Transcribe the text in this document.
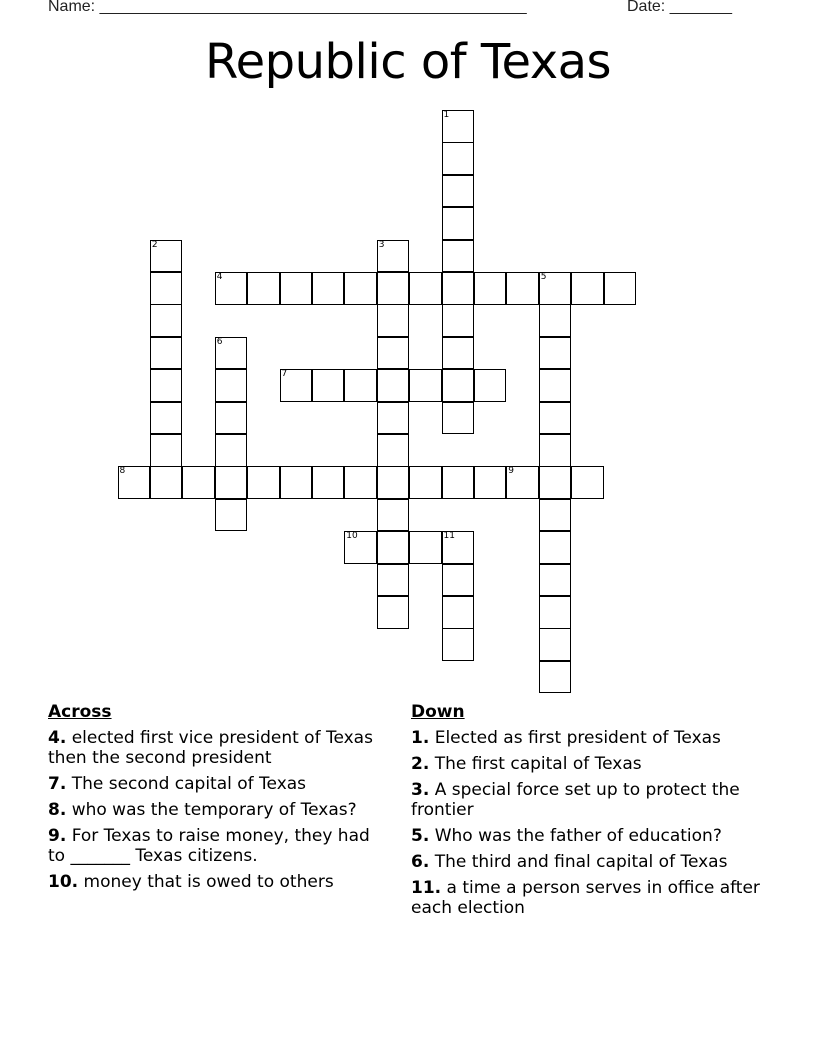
Name: ________________________________________________	Date: _______
Republic of Texas
1
2	3
4	5
6
7
8	9
10	11
Across
4. elected first vice president of Texas then the second president
7. The second capital of Texas
8. who was the temporary of Texas?
9. For Texas to raise money, they had to _______ Texas citizens.
10. money that is owed to others
Down
1. Elected as first president of Texas
2. The first capital of Texas
3. A special force set up to protect the frontier
5. Who was the father of education?
6. The third and final capital of Texas
11. a time a person serves in office after each election
